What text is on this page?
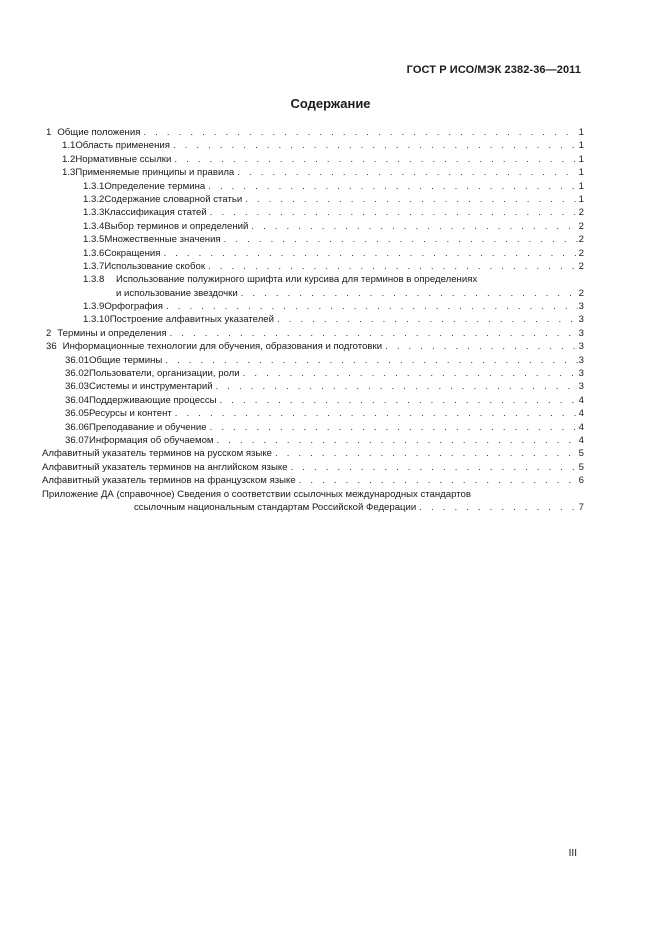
ГОСТ Р ИСО/МЭК 2382-36—2011
Содержание
1 Общие положения . . .	1
1.1 Область применения . . .	1
1.2 Нормативные ссылки . . .	1
1.3 Применяемые принципы и правила . . .	1
1.3.1 Определение термина . . .	1
1.3.2 Содержание словарной статьи . . .	1
1.3.3 Классификация статей . . .	2
1.3.4 Выбор терминов и определений . . .	2
1.3.5 Множественные значения . . .	2
1.3.6 Сокращения . . .	2
1.3.7 Использование скобок . . .	2
1.3.8	Использование полужирного шрифта или курсива для терминов в определениях
и использование звездочки . . .	2
1.3.9 Орфография . . .	3
1.3.10 Построение алфавитных указателей . . .	3
2 Термины и определения . . .	3
36 Информационные технологии для обучения, образования и подготовки . . .	3
36.01 Общие термины . . .	3
36.02 Пользователи, организации, роли . . .	3
36.03 Системы и инструментарий . . .	3
36.04 Поддерживающие процессы . . .	4
36.05 Ресурсы и контент . . .	4
36.06 Преподавание и обучение . . .	4
36.07 Информация об обучаемом . . .	4
Алфавитный указатель терминов на русском языке . . .	5
Алфавитный указатель терминов на английском языке . . .	5
Алфавитный указатель терминов на французском языке . . .	6
Приложение ДА (справочное) Сведения о соответствии ссылочных международных стандартов
ссылочным национальным стандартам Российской Федерации . . .	7
III
